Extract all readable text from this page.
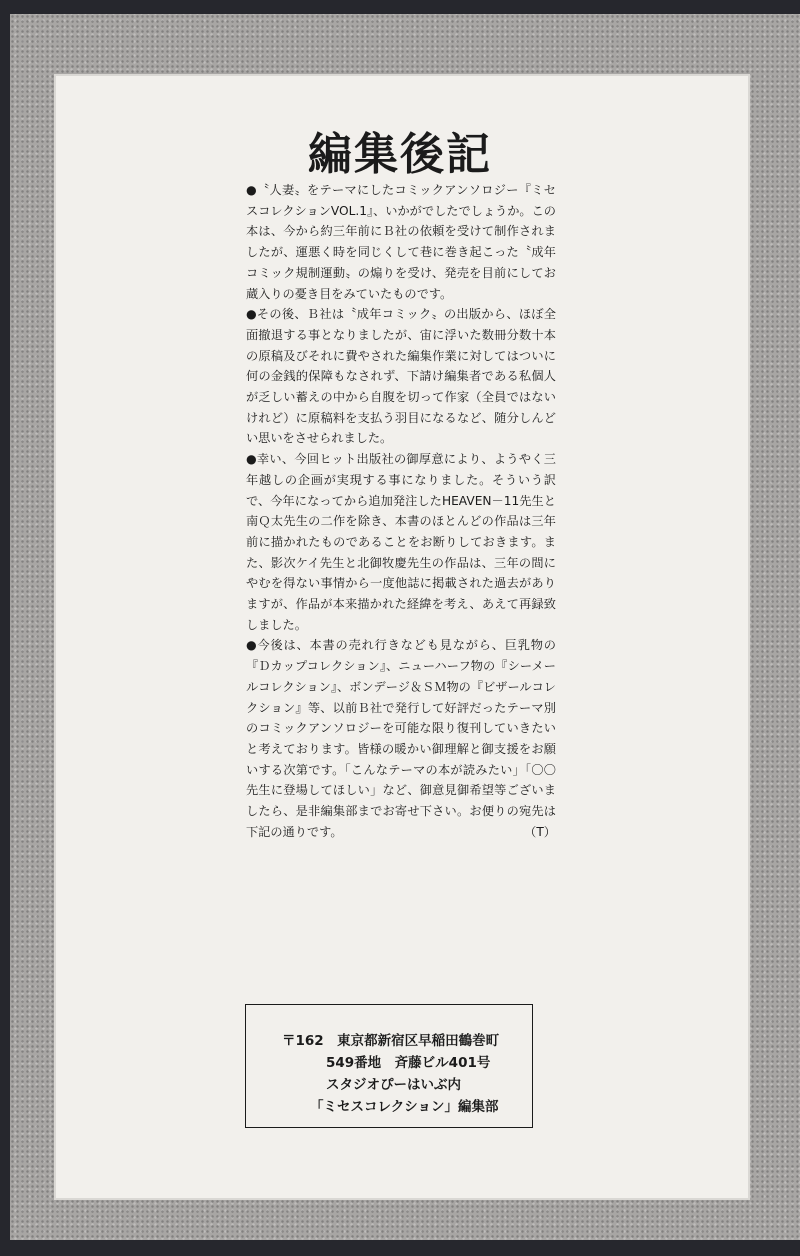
編集後記

●〝人妻〟をテーマにしたコミックアンソロジー『ミセスコレクションVOL.1』、いかがでしたでしょうか。この本は、今から約三年前にＢ社の依頼を受けて制作されましたが、運悪く時を同じくして巷に巻き起こった〝成年コミック規制運動〟の煽りを受け、発売を目前にしてお蔵入りの憂き目をみていたものです。

●その後、Ｂ社は〝成年コミック〟の出版から、ほぼ全面撤退する事となりましたが、宙に浮いた数冊分数十本の原稿及びそれに費やされた編集作業に対してはついに何の金銭的保障もなされず、下請け編集者である私個人が乏しい蓄えの中から自腹を切って作家（全員ではないけれど）に原稿料を支払う羽目になるなど、随分しんどい思いをさせられました。

●幸い、今回ヒット出版社の御厚意により、ようやく三年越しの企画が実現する事になりました。そういう訳で、今年になってから追加発注したHEAVEN－11先生と南Ｑ太先生の二作を除き、本書のほとんどの作品は三年前に描かれたものであることをお断りしておきます。また、影次ケイ先生と北御牧慶先生の作品は、三年の間にやむを得ない事情から一度他誌に掲載された過去がありますが、作品が本来描かれた経緯を考え、あえて再録致しました。

●今後は、本書の売れ行きなども見ながら、巨乳物の『Ｄカップコレクション』、ニューハーフ物の『シーメールコレクション』、ボンデージ＆ＳＭ物の『ビザールコレクション』等、以前Ｂ社で発行して好評だったテーマ別のコミックアンソロジーを可能な限り復刊していきたいと考えております。皆様の暖かい御理解と御支援をお願いする次第です。「こんなテーマの本が読みたい」「〇〇先生に登場してほしい」など、御意見御希望等ございましたら、是非編集部までお寄せ下さい。お便りの宛先は下記の通りです。	（T）
〒162　東京都新宿区早稲田鶴巻町
549番地　斉藤ビル401号
スタジオぴーはいぶ内
「ミセスコレクション」編集部
